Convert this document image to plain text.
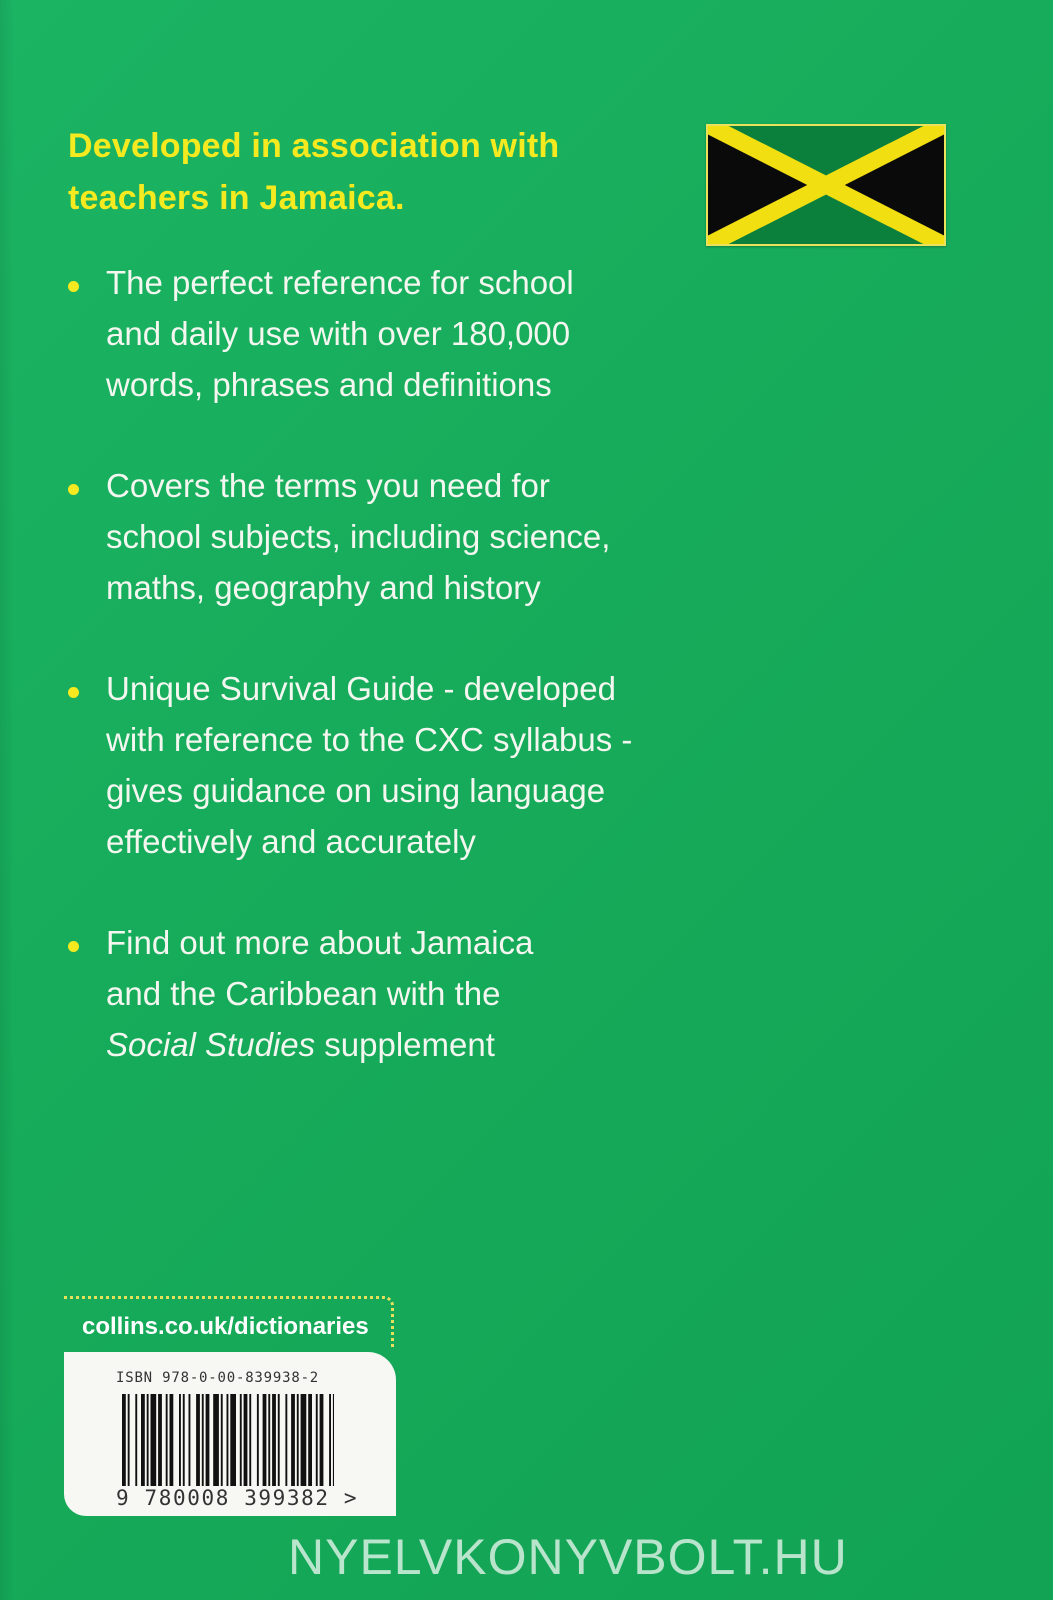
Developed in association with
teachers in Jamaica.
The perfect reference for school
and daily use with over 180,000
words, phrases and definitions
Covers the terms you need for
school subjects, including science,
maths, geography and history
Unique Survival Guide - developed
with reference to the CXC syllabus -
gives guidance on using language
effectively and accurately
Find out more about Jamaica
and the Caribbean with the
Social Studies supplement
collins.co.uk/dictionaries
ISBN 978-0-00-839938-2
9 780008 399382 >
NYELVKONYVBOLT.HU
